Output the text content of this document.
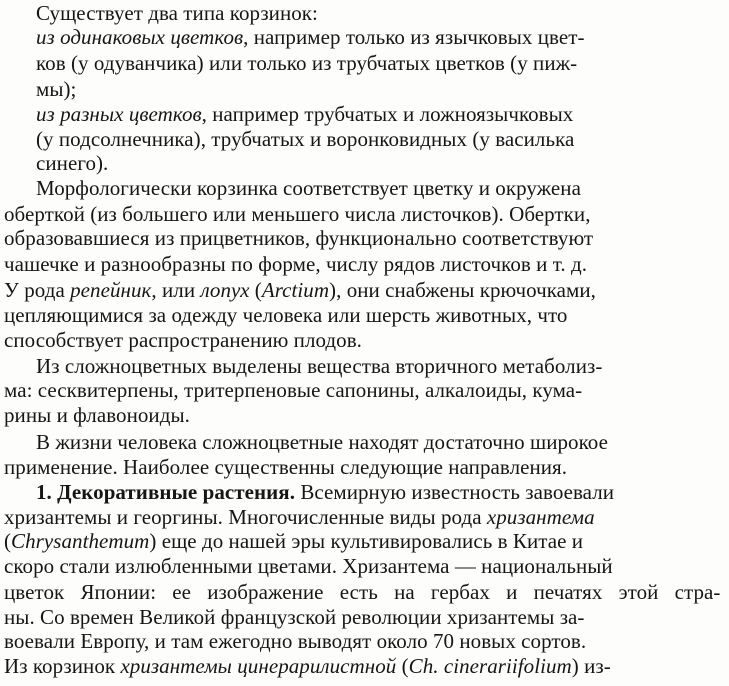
Существует два типа корзинок:
из одинаковых цветков, например только из язычковых цвет-
ков (у одуванчика) или только из трубчатых цветков (у пиж-
мы);
из разных цветков, например трубчатых и ложноязычковых
(у подсолнечника), трубчатых и воронковидных (у василька
синего).
Морфологически корзинка соответствует цветку и окружена
оберткой (из большего или меньшего числа листочков). Обертки,
образовавшиеся из прицветников, функционально соответствуют
чашечке и разнообразны по форме, числу рядов листочков и т. д.
У рода репейник, или лопух (Arctium), они снабжены крючочками,
цепляющимися за одежду человека или шерсть животных, что
способствует распространению плодов.
Из сложноцветных выделены вещества вторичного метаболиз-
ма: сесквитерпены, тритерпеновые сапонины, алкалоиды, кума-
рины и флавоноиды.
В жизни человека сложноцветные находят достаточно широкое
применение. Наиболее существенны следующие направления.
1. Декоративные растения. Всемирную известность завоевали
хризантемы и георгины. Многочисленные виды рода хризантема
(Chrysanthemum) еще до нашей эры культивировались в Китае и
скоро стали излюбленными цветами. Хризантема — национальный
цветок Японии: ее изображение есть на гербах и печатях этой стра-
ны. Со времен Великой французской революции хризантемы за-
воевали Европу, и там ежегодно выводят около 70 новых сортов.
Из корзинок хризантемы цинерарилистной (Ch. cinerariifolium) из-
